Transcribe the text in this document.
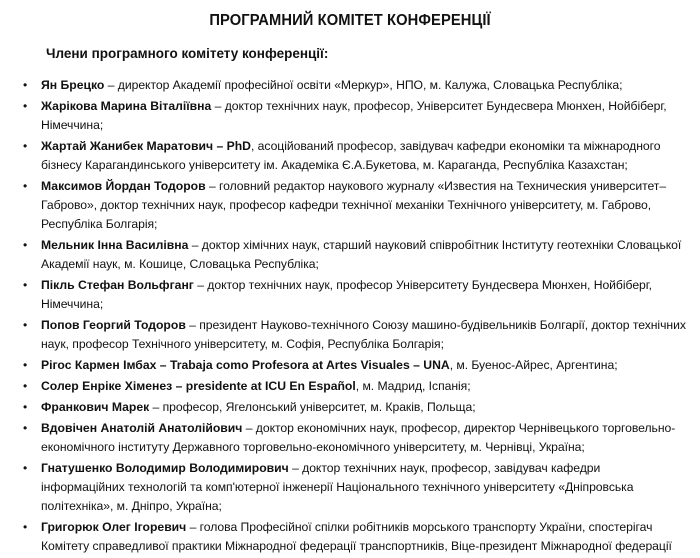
ПРОГРАМНИЙ КОМІТЕТ КОНФЕРЕНЦІЇ
Члени програмного комітету конференції:
• Ян Брецко – директор Академії професійної освіти «Меркур», НПО, м. Калужа, Словацька Республіка;
• Жарікова Марина Віталіївна – доктор технічних наук, професор, Університет Бундесвера Мюнхен, Нойбіберг, Німеччина;
• Жартай Жанибек Маратович – PhD, асоційований професор, завідувач кафедри економіки та міжнародного бізнесу Карагандинського університету ім. Академіка Є.А.Букетова, м. Караганда, Республіка Казахстан;
• Максимов Йордан Тодоров – головний редактор наукового журналу «Известия на Техническия университет–Габрово», доктор технічних наук, професор кафедри технічної механіки Технічного університету, м. Габрово, Республіка Болгарія;
• Мельник Інна Василівна – доктор хімічних наук, старший науковий співробітник Інституту геотехніки Словацької Академії наук, м. Кошице, Словацька Республіка;
• Пікль Стефан Вольфганг – доктор технічних наук, професор Університету Бундесвера Мюнхен, Нойбіберг, Німеччина;
• Попов Георгий Тодоров – президент Науково-технічного Союзу машино-будівельників Болгарії, доктор технічних наук, професор Технічного університету, м. Софія, Республіка Болгарія;
• Рігос Кармен Імбах – Trabaja como Profesora at Artes Visuales – UNA, м. Буенос-Айрес, Аргентина;
• Солер Енріке Хіменез – presidente at ICU En Español, м. Мадрид, Іспанія;
• Франкович Марек – професор, Ягелонський університет, м. Краків, Польща;
• Вдовічен Анатолій Анатолійович – доктор економічних наук, професор, директор Чернівецького торговельно-економічного інституту Державного торговельно-економічного університету, м. Чернівці, Україна;
• Гнатушенко Володимир Володимирович – доктор технічних наук, професор, завідувач кафедри інформаційних технологій та комп'ютерної інженерії Національного технічного університету «Дніпровська політехніка», м. Дніпро, Україна;
• Григорюк Олег Ігоревич – голова Професійної спілки робітників морського транспорту України, спостерігач Комітету справедливої практики Міжнародної федерації транспортників, Віце-президент Міжнародної федерації
